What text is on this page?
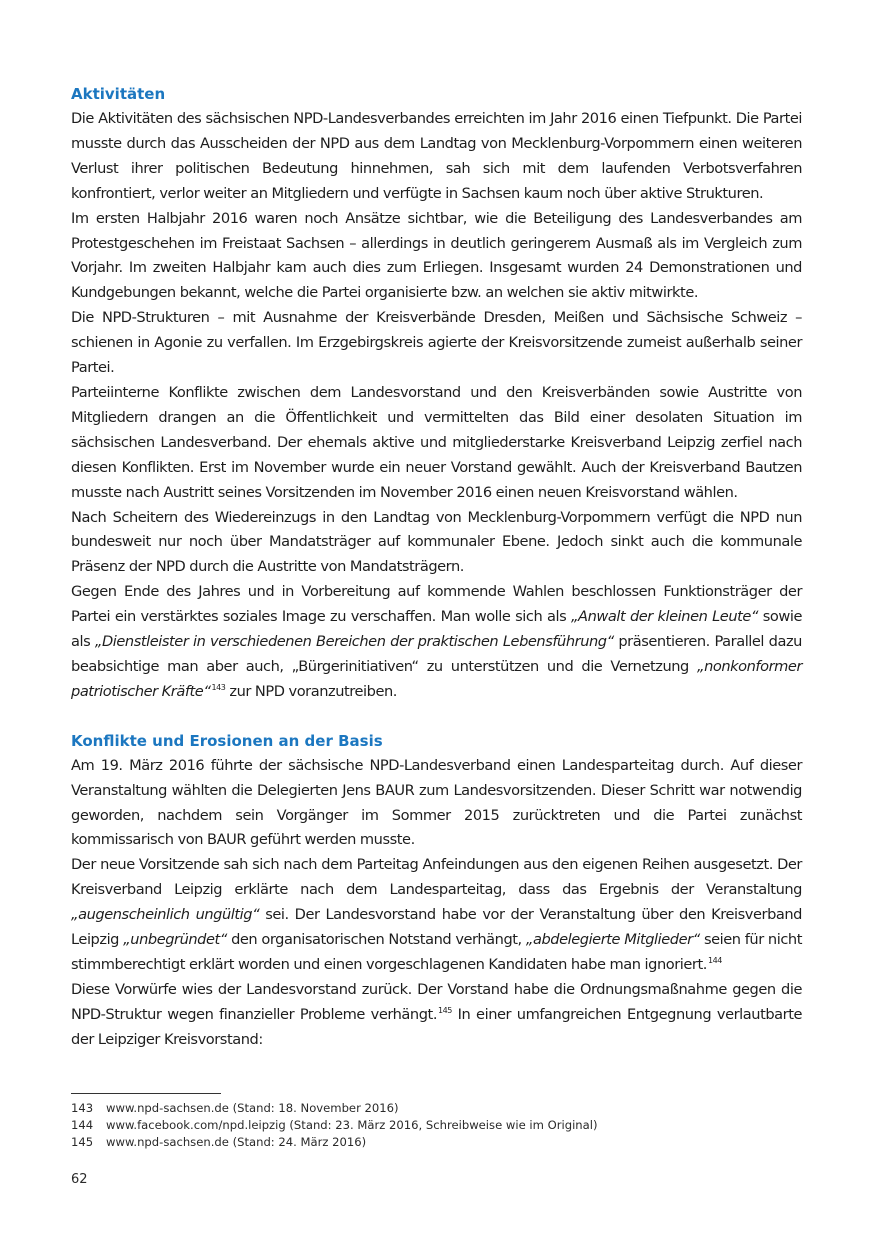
Aktivitäten

Die Aktivitäten des sächsischen NPD-Landesverbandes erreichten im Jahr 2016 einen Tiefpunkt. Die Partei musste durch das Ausscheiden der NPD aus dem Landtag von Mecklenburg-Vorpommern einen weiteren Verlust ihrer politischen Bedeutung hinnehmen, sah sich mit dem laufenden Verbotsverfahren konfrontiert, verlor weiter an Mitgliedern und verfügte in Sachsen kaum noch über aktive Strukturen.

Im ersten Halbjahr 2016 waren noch Ansätze sichtbar, wie die Beteiligung des Landesverbandes am Protestgeschehen im Freistaat Sachsen – allerdings in deutlich geringerem Ausmaß als im Vergleich zum Vorjahr. Im zweiten Halbjahr kam auch dies zum Erliegen. Insgesamt wurden 24 Demonstrationen und Kundgebungen bekannt, welche die Partei organisierte bzw. an welchen sie aktiv mitwirkte.

Die NPD-Strukturen – mit Ausnahme der Kreisverbände Dresden, Meißen und Sächsische Schweiz – schienen in Agonie zu verfallen. Im Erzgebirgskreis agierte der Kreisvorsitzende zumeist außerhalb seiner Partei.

Parteiinterne Konflikte zwischen dem Landesvorstand und den Kreisverbänden sowie Austritte von Mitgliedern drangen an die Öffentlichkeit und vermittelten das Bild einer desolaten Situation im sächsischen Landesverband. Der ehemals aktive und mitgliederstarke Kreisverband Leipzig zerfiel nach diesen Konflikten. Erst im November wurde ein neuer Vorstand gewählt. Auch der Kreisverband Bautzen musste nach Austritt seines Vorsitzenden im November 2016 einen neuen Kreisvorstand wählen.

Nach Scheitern des Wiedereinzugs in den Landtag von Mecklenburg-Vorpommern verfügt die NPD nun bundesweit nur noch über Mandatsträger auf kommunaler Ebene. Jedoch sinkt auch die kommunale Präsenz der NPD durch die Austritte von Mandatsträgern.

Gegen Ende des Jahres und in Vorbereitung auf kommende Wahlen beschlossen Funktionsträger der Partei ein verstärktes soziales Image zu verschaffen. Man wolle sich als „Anwalt der kleinen Leute“ sowie als „Dienstleister in verschiedenen Bereichen der praktischen Lebensführung“ präsentieren. Parallel dazu beabsichtige man aber auch, „Bürgerinitiativen“ zu unterstützen und die Vernetzung „nonkonformer patriotischer Kräfte“$^{143}$ zur NPD voranzutreiben.

Konflikte und Erosionen an der Basis

Am 19. März 2016 führte der sächsische NPD-Landesverband einen Landesparteitag durch. Auf dieser Veranstaltung wählten die Delegierten Jens BAUR zum Landesvorsitzenden. Dieser Schritt war notwendig geworden, nachdem sein Vorgänger im Sommer 2015 zurücktreten und die Partei zunächst kommissarisch von BAUR geführt werden musste.

Der neue Vorsitzende sah sich nach dem Parteitag Anfeindungen aus den eigenen Reihen ausgesetzt. Der Kreisverband Leipzig erklärte nach dem Landesparteitag, dass das Ergebnis der Veranstaltung „augenscheinlich ungültig“ sei. Der Landesvorstand habe vor der Veranstaltung über den Kreisverband Leipzig „unbegründet“ den organisatorischen Notstand verhängt, „abdelegierte Mitglieder“ seien für nicht stimmberechtigt erklärt worden und einen vorgeschlagenen Kandidaten habe man ignoriert.$^{144}$

Diese Vorwürfe wies der Landesvorstand zurück. Der Vorstand habe die Ordnungsmaßnahme gegen die NPD-Struktur wegen finanzieller Probleme verhängt.$^{145}$ In einer umfangreichen Entgegnung verlautbarte der Leipziger Kreisvorstand:

143 www.npd-sachsen.de (Stand: 18. November 2016)
144 www.facebook.com/npd.leipzig (Stand: 23. März 2016, Schreibweise wie im Original)
145 www.npd-sachsen.de (Stand: 24. März 2016)
62
